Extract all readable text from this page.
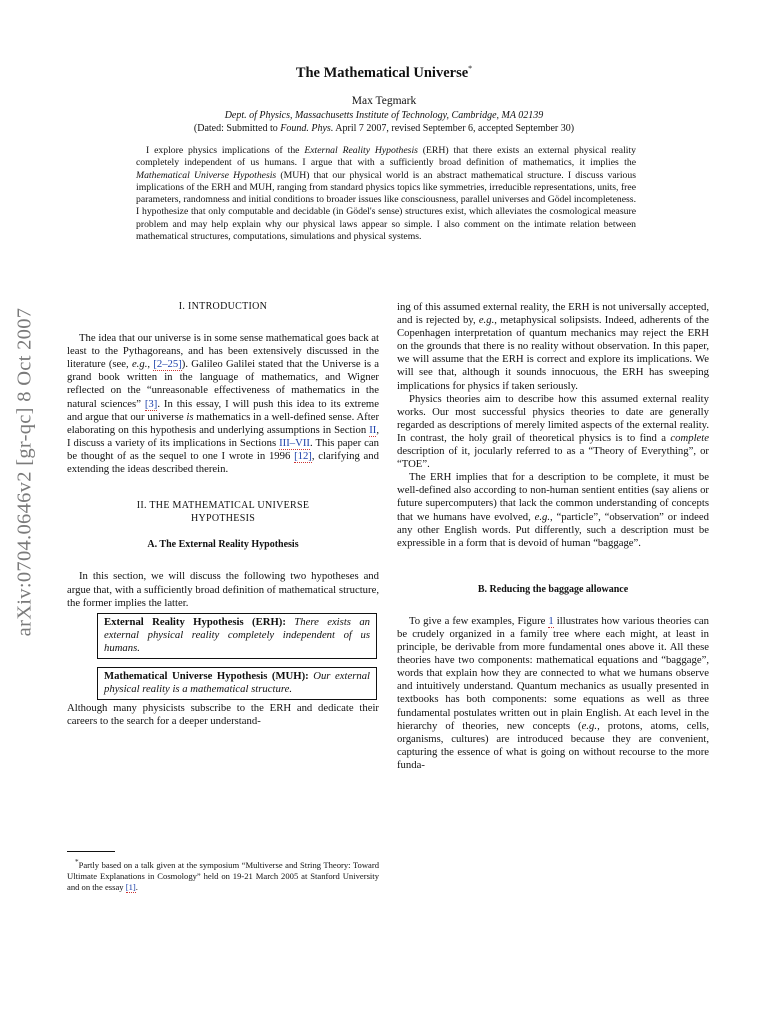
arXiv:0704.0646v2 [gr-qc] 8 Oct 2007
The Mathematical Universe*
Max Tegmark
Dept. of Physics, Massachusetts Institute of Technology, Cambridge, MA 02139
(Dated: Submitted to Found. Phys. April 7 2007, revised September 6, accepted September 30)
I explore physics implications of the External Reality Hypothesis (ERH) that there exists an external physical reality completely independent of us humans. I argue that with a sufficiently broad definition of mathematics, it implies the Mathematical Universe Hypothesis (MUH) that our physical world is an abstract mathematical structure. I discuss various implications of the ERH and MUH, ranging from standard physics topics like symmetries, irreducible representations, units, free parameters, randomness and initial conditions to broader issues like consciousness, parallel universes and Gödel incompleteness. I hypothesize that only computable and decidable (in Gödel's sense) structures exist, which alleviates the cosmological measure problem and may help explain why our physical laws appear so simple. I also comment on the intimate relation between mathematical structures, computations, simulations and physical systems.
I. INTRODUCTION

The idea that our universe is in some sense mathematical goes back at least to the Pythagoreans, and has been extensively discussed in the literature (see, e.g., [2–25]). Galileo Galilei stated that the Universe is a grand book written in the language of mathematics, and Wigner reflected on the “unreasonable effectiveness of mathematics in the natural sciences” [3]. In this essay, I will push this idea to its extreme and argue that our universe is mathematics in a well-defined sense. After elaborating on this hypothesis and underlying assumptions in Section II, I discuss a variety of its implications in Sections III–VII. This paper can be thought of as the sequel to one I wrote in 1996 [12], clarifying and extending the ideas described therein.

II. THE MATHEMATICAL UNIVERSE
HYPOTHESIS
A. The External Reality Hypothesis

In this section, we will discuss the following two hypotheses and argue that, with a sufficiently broad definition of mathematical structure, the former implies the latter.

External Reality Hypothesis (ERH): There exists an external physical reality completely independent of us humans.
Mathematical Universe Hypothesis (MUH): Our external physical reality is a mathematical structure.

Although many physicists subscribe to the ERH and dedicate their careers to the search for a deeper understand-

ing of this assumed external reality, the ERH is not universally accepted, and is rejected by, e.g., metaphysical solipsists. Indeed, adherents of the Copenhagen interpretation of quantum mechanics may reject the ERH on the grounds that there is no reality without observation. In this paper, we will assume that the ERH is correct and explore its implications. We will see that, although it sounds innocuous, the ERH has sweeping implications for physics if taken seriously.

Physics theories aim to describe how this assumed external reality works. Our most successful physics theories to date are generally regarded as descriptions of merely limited aspects of the external reality. In contrast, the holy grail of theoretical physics is to find a complete description of it, jocularly referred to as a “Theory of Everything”, or “TOE”.

The ERH implies that for a description to be complete, it must be well-defined also according to non-human sentient entities (say aliens or future supercomputers) that lack the common understanding of concepts that we humans have evolved, e.g., “particle”, “observation” or indeed any other English words. Put differently, such a description must be expressible in a form that is devoid of human “baggage”.

B. Reducing the baggage allowance

To give a few examples, Figure 1 illustrates how various theories can be crudely organized in a family tree where each might, at least in principle, be derivable from more fundamental ones above it. All these theories have two components: mathematical equations and “baggage”, words that explain how they are connected to what we humans observe and intuitively understand. Quantum mechanics as usually presented in textbooks has both components: some equations as well as three fundamental postulates written out in plain English. At each level in the hierarchy of theories, new concepts (e.g., protons, atoms, cells, organisms, cultures) are introduced because they are convenient, capturing the essence of what is going on without recourse to the more funda-

*Partly based on a talk given at the symposium “Multiverse and String Theory: Toward Ultimate Explanations in Cosmology” held on 19-21 March 2005 at Stanford University and on the essay [1].
